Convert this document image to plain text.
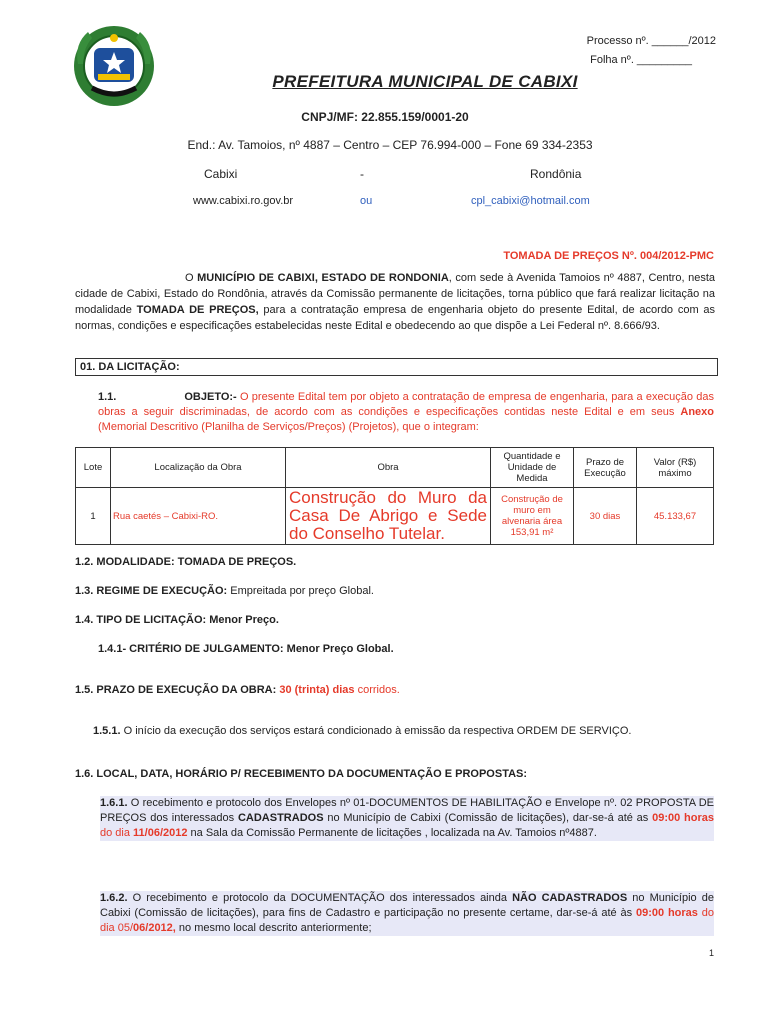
Processo nº. ______/2012
Folha nº. _________
PREFEITURA MUNICIPAL DE CABIXI
CNPJ/MF: 22.855.159/0001-20
End.: Av. Tamoios, nº 4887 – Centro – CEP 76.994-000 – Fone 69 334-2353
Cabixi	-	Rondônia
www.cabixi.ro.gov.br	ou	cpl_cabixi@hotmail.com
TOMADA DE PREÇOS Nº. 004/2012-PMC
O MUNICÍPIO DE CABIXI, ESTADO DE RONDONIA, com sede à Avenida Tamoios nº 4887, Centro, nesta cidade de Cabixi, Estado do Rondônia, através da Comissão permanente de licitações, torna público que fará realizar licitação na modalidade TOMADA DE PREÇOS, para a contratação empresa de engenharia objeto do presente Edital, de acordo com as normas, condições e especificações estabelecidas neste Edital e obedecendo ao que dispõe a Lei Federal nº. 8.666/93.
01. DA LICITAÇÃO:
1.1.	OBJETO:- O presente Edital tem por objeto a contratação de empresa de engenharia, para a execução das obras a seguir discriminadas, de acordo com as condições e especificações contidas neste Edital e em seus Anexo (Memorial Descritivo (Planilha de Serviços/Preços) (Projetos), que o integram:
Lote	Localização da Obra	Obra	Quantidade e Unidade de Medida	Prazo de Execução	Valor (R$) máximo
1	Rua caetés – Cabixi-RO.	Construção do Muro da Casa De Abrigo e Sede do Conselho Tutelar.	Construção de muro em alvenaria área 153,91 m²	30 dias	45.133,67
1.2. MODALIDADE: TOMADA DE PREÇOS.
1.3. REGIME DE EXECUÇÃO: Empreitada por preço Global.
1.4. TIPO DE LICITAÇÃO: Menor Preço.
1.4.1- CRITÉRIO DE JULGAMENTO: Menor Preço Global.
1.5. PRAZO DE EXECUÇÃO DA OBRA: 30 (trinta) dias corridos.
1.5.1. O início da execução dos serviços estará condicionado à emissão da respectiva ORDEM DE SERVIÇO.
1.6. LOCAL, DATA, HORÁRIO P/ RECEBIMENTO DA DOCUMENTAÇÃO E PROPOSTAS:
1.6.1. O recebimento e protocolo dos Envelopes nº 01-DOCUMENTOS DE HABILITAÇÃO e Envelope nº. 02 PROPOSTA DE PREÇOS dos interessados CADASTRADOS no Município de Cabixi (Comissão de licitações), dar-se-á até as 09:00 horas do dia 11/06/2012 na Sala da Comissão Permanente de licitações , localizada na Av. Tamoios nº4887.
1.6.2. O recebimento e protocolo da DOCUMENTAÇÃO dos interessados ainda NÃO CADASTRADOS no Município de Cabixi (Comissão de licitações), para fins de Cadastro e participação no presente certame, dar-se-á até às 09:00 horas do dia 05/06/2012, no mesmo local descrito anteriormente;
1
